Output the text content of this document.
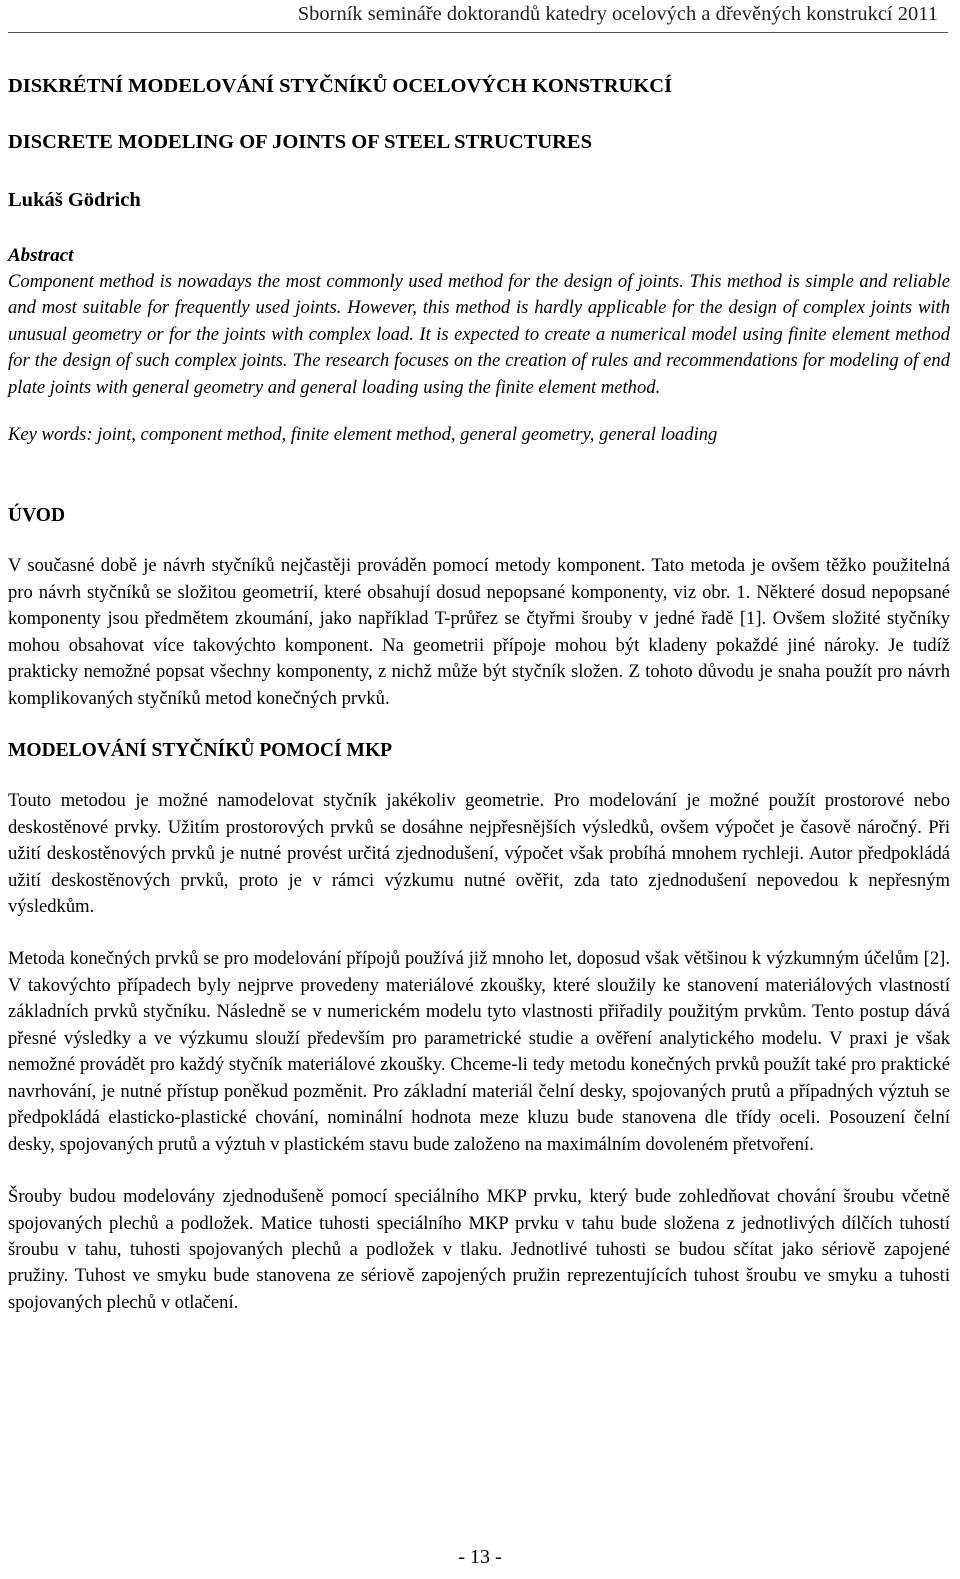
Sborník semináře doktorandů katedry ocelových a dřevěných konstrukcí 2011
DISKRÉTNÍ MODELOVÁNÍ STYČNÍKŮ OCELOVÝCH KONSTRUKCÍ
DISCRETE MODELING OF JOINTS OF STEEL STRUCTURES

Lukáš Gödrich

Abstract

Component method is nowadays the most commonly used method for the design of joints. This method is simple and reliable and most suitable for frequently used joints. However, this method is hardly applicable for the design of complex joints with unusual geometry or for the joints with complex load. It is expected to create a numerical model using finite element method for the design of such complex joints. The research focuses on the creation of rules and recommendations for modeling of end plate joints with general geometry and general loading using the finite element method.

Key words: joint, component method, finite element method, general geometry, general loading

ÚVOD

V současné době je návrh styčníků nejčastěji prováděn pomocí metody komponent. Tato metoda je ovšem těžko použitelná pro návrh styčníků se složitou geometrií, které obsahují dosud nepopsané komponenty, viz obr. 1. Některé dosud nepopsané komponenty jsou předmětem zkoumání, jako například T-průřez se čtyřmi šrouby v jedné řadě [1]. Ovšem složité styčníky mohou obsahovat více takovýchto komponent. Na geometrii přípoje mohou být kladeny pokaždé jiné nároky. Je tudíž prakticky nemožné popsat všechny komponenty, z nichž může být styčník složen. Z tohoto důvodu je snaha použít pro návrh komplikovaných styčníků metod konečných prvků.

MODELOVÁNÍ STYČNÍKŮ POMOCÍ MKP

Touto metodou je možné namodelovat styčník jakékoliv geometrie. Pro modelování je možné použít prostorové nebo deskostěnové prvky. Užitím prostorových prvků se dosáhne nejpřesnějších výsledků, ovšem výpočet je časově náročný. Při užití deskostěnových prvků je nutné provést určitá zjednodušení, výpočet však probíhá mnohem rychleji. Autor předpokládá užití deskostěnových prvků, proto je v rámci výzkumu nutné ověřit, zda tato zjednodušení nepovedou k nepřesným výsledkům.

Metoda konečných prvků se pro modelování přípojů používá již mnoho let, doposud však většinou k výzkumným účelům [2]. V takovýchto případech byly nejprve provedeny materiálové zkoušky, které sloužily ke stanovení materiálových vlastností základních prvků styčníku. Následně se v numerickém modelu tyto vlastnosti přiřadily použitým prvkům. Tento postup dává přesné výsledky a ve výzkumu slouží především pro parametrické studie a ověření analytického modelu. V praxi je však nemožné provádět pro každý styčník materiálové zkoušky. Chceme-li tedy metodu konečných prvků použít také pro praktické navrhování, je nutné přístup poněkud pozměnit. Pro základní materiál čelní desky, spojovaných prutů a případných výztuh se předpokládá elasticko-plastické chování, nominální hodnota meze kluzu bude stanovena dle třídy oceli. Posouzení čelní desky, spojovaných prutů a výztuh v plastickém stavu bude založeno na maximálním dovoleném přetvoření.

Šrouby budou modelovány zjednodušeně pomocí speciálního MKP prvku, který bude zohledňovat chování šroubu včetně spojovaných plechů a podložek. Matice tuhosti speciálního MKP prvku v tahu bude složena z jednotlivých dílčích tuhostí šroubu v tahu, tuhosti spojovaných plechů a podložek v tlaku. Jednotlivé tuhosti se budou sčítat jako sériově zapojené pružiny. Tuhost ve smyku bude stanovena ze sériově zapojených pružin reprezentujících tuhost šroubu ve smyku a tuhosti spojovaných plechů v otlačení.

- 13 -
